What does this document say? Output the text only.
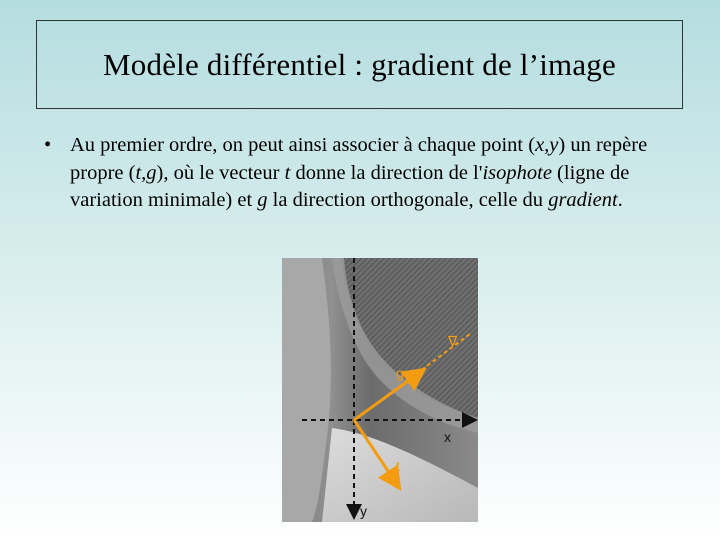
Modèle différentiel : gradient de l’image
• Au premier ordre, on peut ainsi associer à chaque point (x,y) un repère propre (t,g), où le vecteur t donne la direction de l'isophote (ligne de variation minimale) et g la direction orthogonale, celle du gradient.
g
t
x
y
∇
